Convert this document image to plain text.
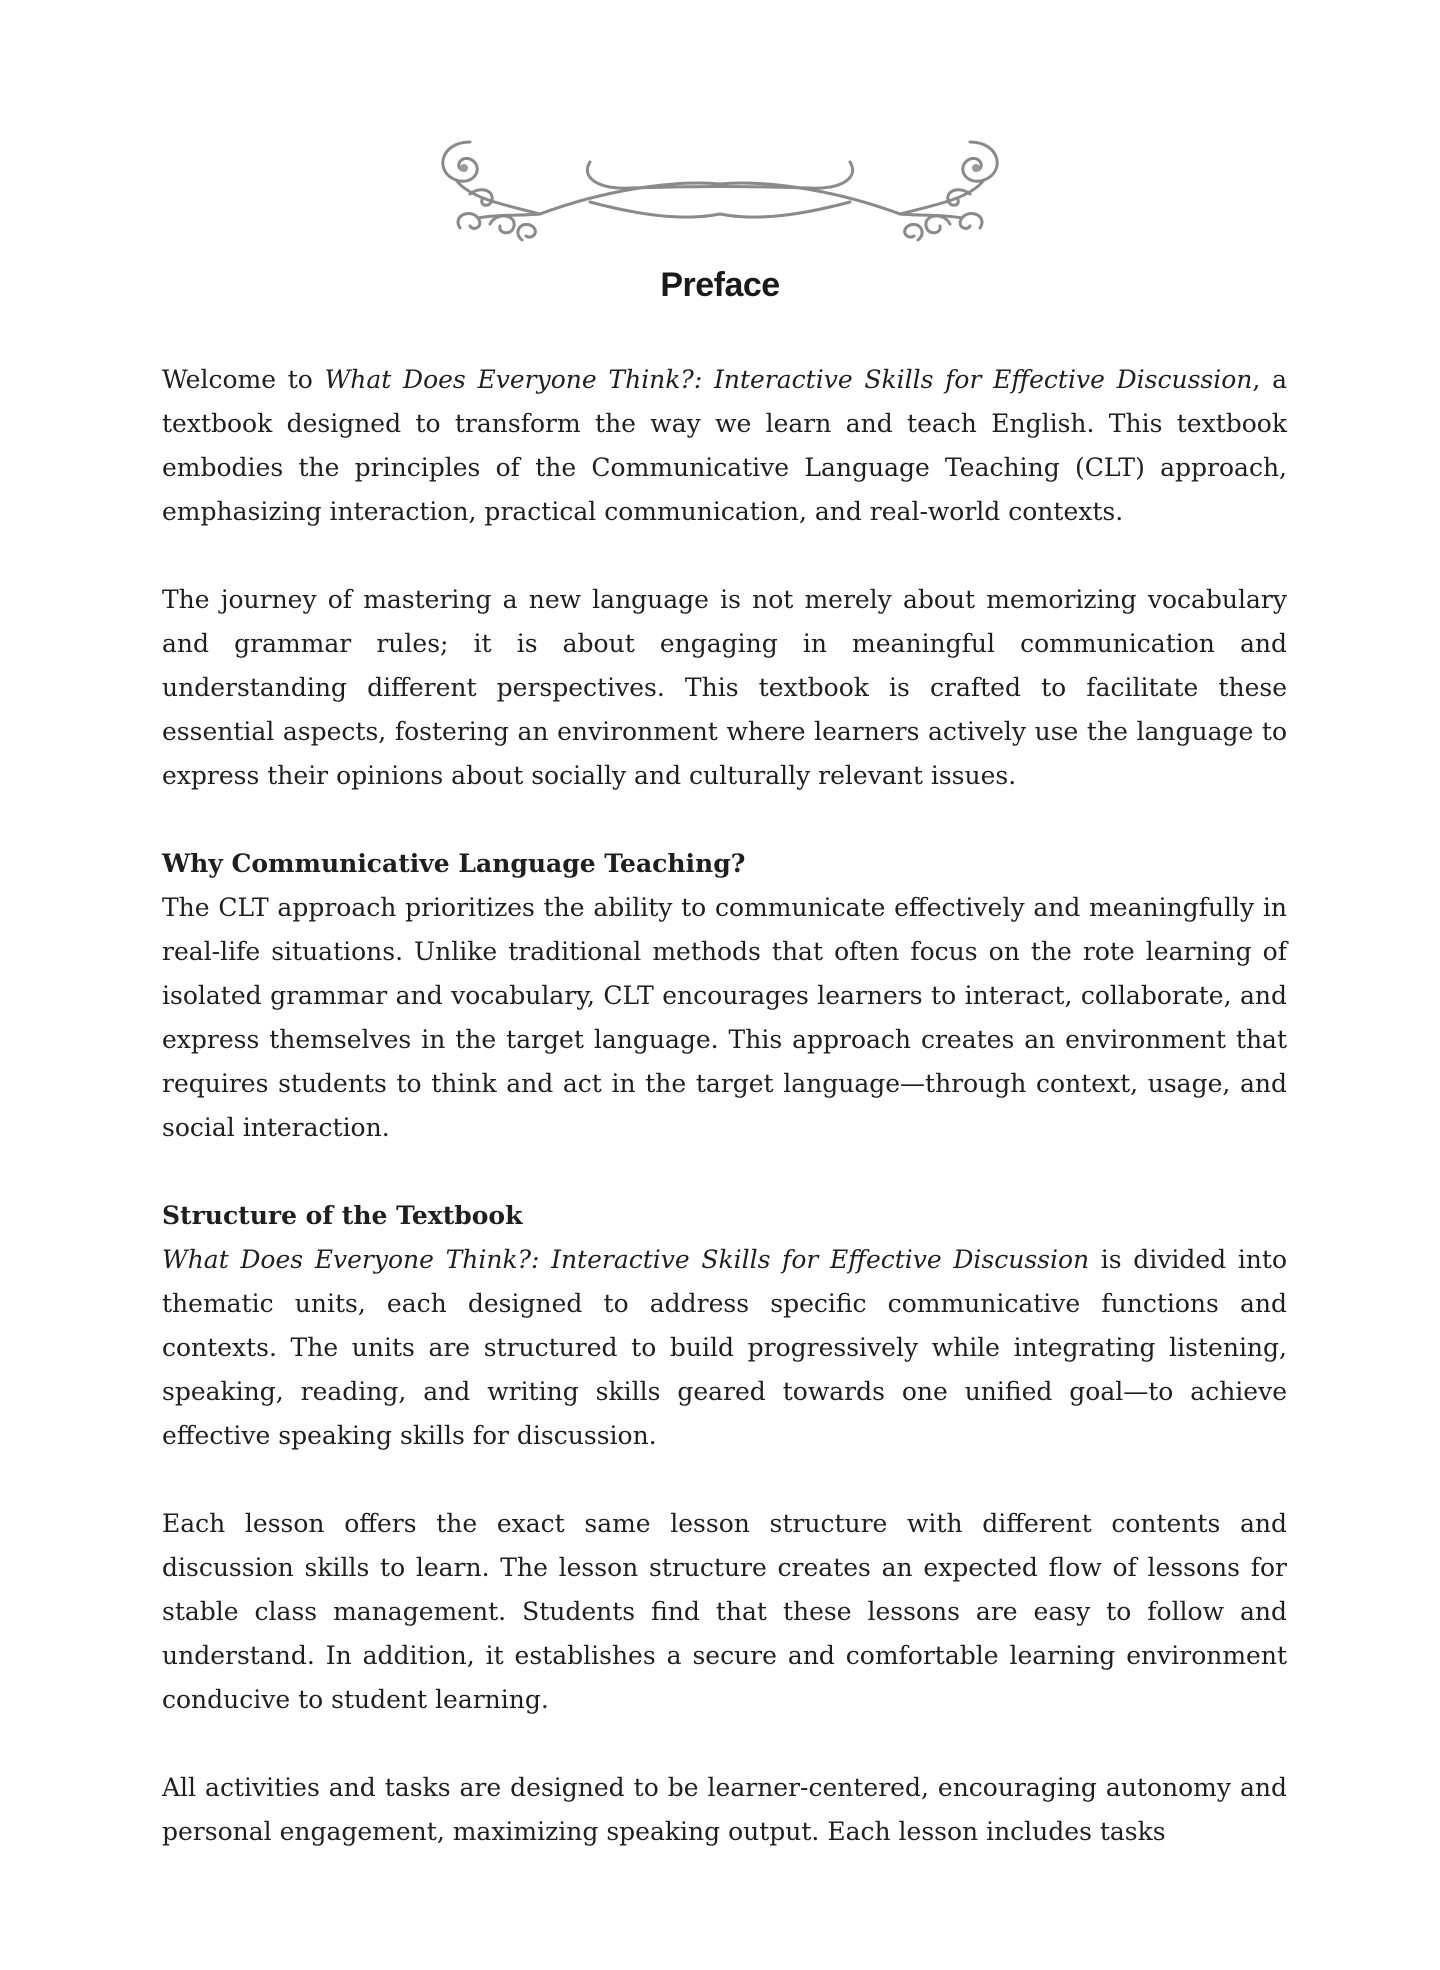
Preface

Welcome to What Does Everyone Think?: Interactive Skills for Effective Discussion, a textbook designed to transform the way we learn and teach English. This textbook embodies the principles of the Communicative Language Teaching (CLT) approach, emphasizing interaction, practical communication, and real-world contexts.

The journey of mastering a new language is not merely about memorizing vocabulary and grammar rules; it is about engaging in meaningful communication and understanding different perspectives. This textbook is crafted to facilitate these essential aspects, fostering an environment where learners actively use the language to express their opinions about socially and culturally relevant issues.

Why Communicative Language Teaching?
The CLT approach prioritizes the ability to communicate effectively and meaningfully in real-life situations. Unlike traditional methods that often focus on the rote learning of isolated grammar and vocabulary, CLT encourages learners to interact, collaborate, and express themselves in the target language. This approach creates an environment that requires students to think and act in the target language—through context, usage, and social interaction.

Structure of the Textbook
What Does Everyone Think?: Interactive Skills for Effective Discussion is divided into thematic units, each designed to address specific communicative functions and contexts. The units are structured to build progressively while integrating listening, speaking, reading, and writing skills geared towards one unified goal—to achieve effective speaking skills for discussion.

Each lesson offers the exact same lesson structure with different contents and discussion skills to learn. The lesson structure creates an expected flow of lessons for stable class management. Students find that these lessons are easy to follow and understand. In addition, it establishes a secure and comfortable learning environment conducive to student learning.

All activities and tasks are designed to be learner-centered, encouraging autonomy and personal engagement, maximizing speaking output. Each lesson includes tasks
